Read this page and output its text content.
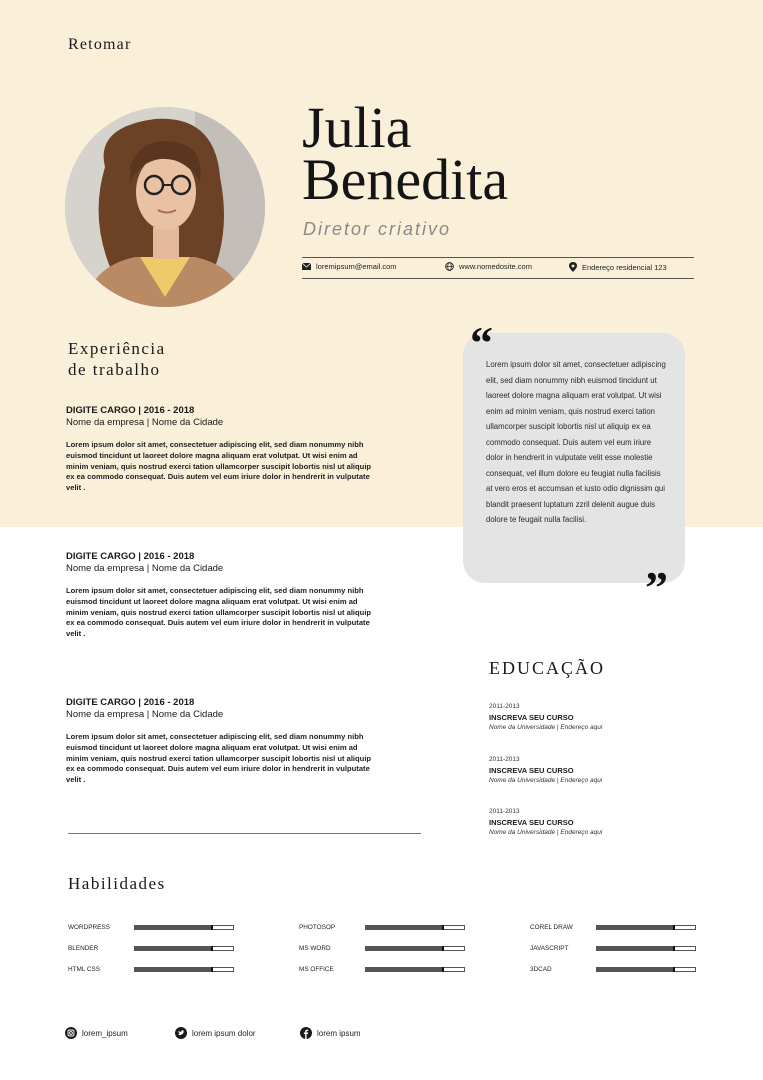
Retomar
Julia
Benedita
Diretor criativo
loremipsum@email.com	www.nomedosite.com	Endereço residencial 123
Experiência
de trabalho
DIGITE CARGO | 2016 - 2018
Nome da empresa | Nome da Cidade
Lorem ipsum dolor sit amet, consectetuer adipiscing elit, sed diam nonummy nibh euismod tincidunt ut laoreet dolore magna aliquam erat volutpat. Ut wisi enim ad minim veniam, quis nostrud exerci tation ullamcorper suscipit lobortis nisl ut aliquip ex ea commodo consequat. Duis autem vel eum iriure dolor in hendrerit in vulputate velit .
DIGITE CARGO | 2016 - 2018
Nome da empresa | Nome da Cidade
Lorem ipsum dolor sit amet, consectetuer adipiscing elit, sed diam nonummy nibh euismod tincidunt ut laoreet dolore magna aliquam erat volutpat. Ut wisi enim ad minim veniam, quis nostrud exerci tation ullamcorper suscipit lobortis nisl ut aliquip ex ea commodo consequat. Duis autem vel eum iriure dolor in hendrerit in vulputate velit .
DIGITE CARGO | 2016 - 2018
Nome da empresa | Nome da Cidade
Lorem ipsum dolor sit amet, consectetuer adipiscing elit, sed diam nonummy nibh euismod tincidunt ut laoreet dolore magna aliquam erat volutpat. Ut wisi enim ad minim veniam, quis nostrud exerci tation ullamcorper suscipit lobortis nisl ut aliquip ex ea commodo consequat. Duis autem vel eum iriure dolor in hendrerit in vulputate velit .
“
Lorem ipsum dolor sit amet, consectetuer adipiscing elit, sed diam nonummy nibh euismod tincidunt ut laoreet dolore magna aliquam erat volutpat. Ut wisi enim ad minim veniam, quis nostrud exerci tation ullamcorper suscipit lobortis nisl ut aliquip ex ea commodo consequat. Duis autem vel eum iriure dolor in hendrerit in vulputate velit esse molestie consequat, vel illum dolore eu feugiat nulla facilisis at vero eros et accumsan et iusto odio dignissim qui blandit praesent luptatum zzril delenit augue duis dolore te feugait nulla facilisi.
”
EDUCAÇÃO
2011-2013
INSCREVA SEU CURSO
Nome da Universidade | Endereço aqui
2011-2013
INSCREVA SEU CURSO
Nome da Universidade | Endereço aqui
2011-2013
INSCREVA SEU CURSO
Nome da Universidade | Endereço aqui
Habilidades
WORDPRESS
BLENDER
HTML CSS
PHOTOSOP
MS WORD
MS OFFICE
COREL DRAW
JAVASCRIPT
3DCAD
lorem_ipsum	lorem ipsum dolor	lorem ipsum
